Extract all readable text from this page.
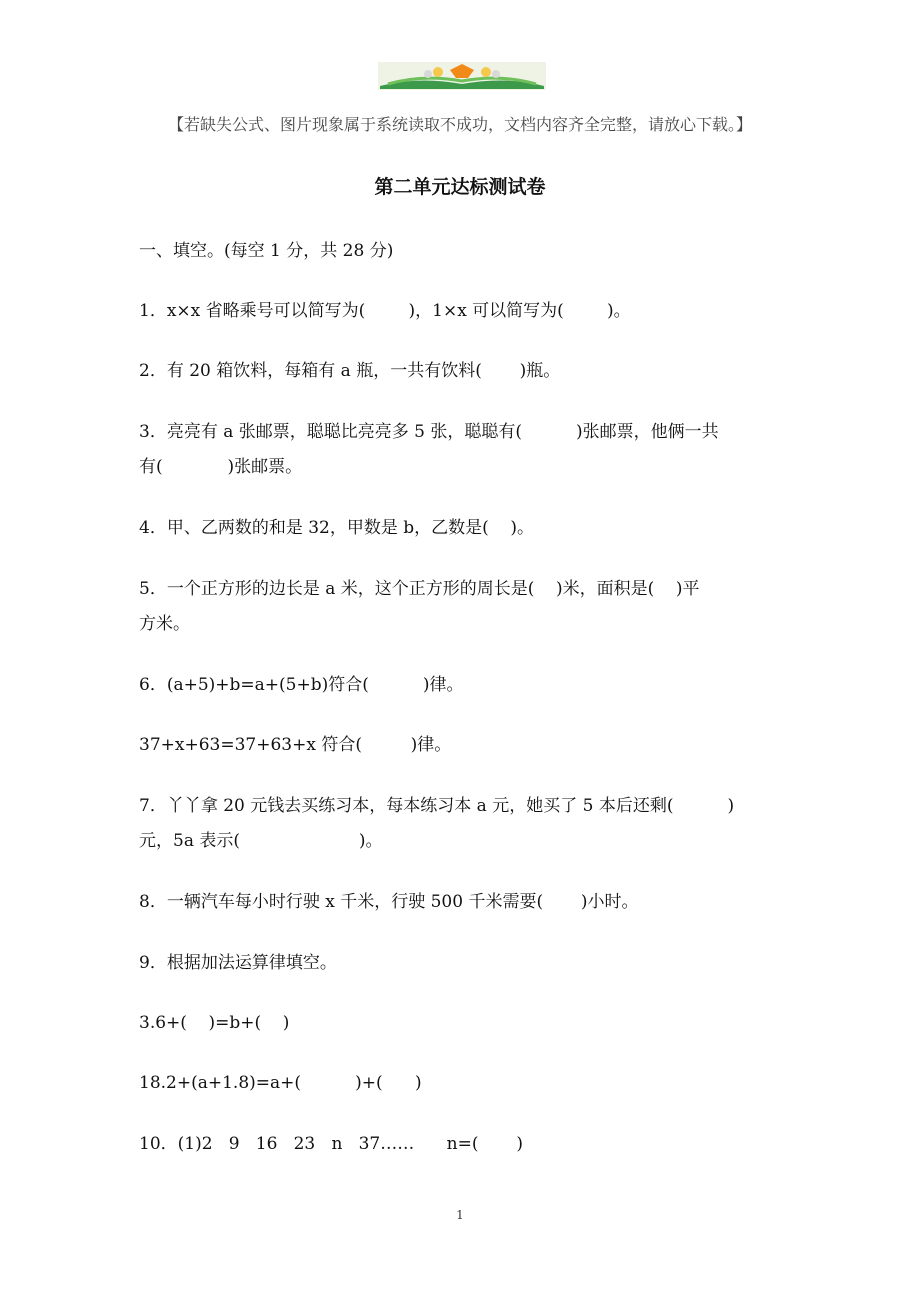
【若缺失公式、图片现象属于系统读取不成功，文档内容齐全完整，请放心下载。】
第二单元达标测试卷
一、填空。(每空 1 分，共 28 分)
1．x×x 省略乘号可以简写为(        )，1×x 可以简写为(        )。
2．有 20 箱饮料，每箱有 a 瓶，一共有饮料(       )瓶。
3．亮亮有 a 张邮票，聪聪比亮亮多 5 张，聪聪有(          )张邮票，他俩一共
有(            )张邮票。
4．甲、乙两数的和是 32，甲数是 b，乙数是(    )。
5．一个正方形的边长是 a 米，这个正方形的周长是(    )米，面积是(    )平
方米。
6．(a+5)+b=a+(5+b)符合(          )律。
37+x+63=37+63+x 符合(         )律。
7．丫丫拿 20 元钱去买练习本，每本练习本 a 元，她买了 5 本后还剩(          )
元，5a 表示(                      )。
8．一辆汽车每小时行驶 x 千米，行驶 500 千米需要(       )小时。
9．根据加法运算律填空。
3.6+(    )=b+(    )
18.2+(a+1.8)=a+(          )+(      )
10．(1)2   9   16   23   n   37……      n=(       )
1
